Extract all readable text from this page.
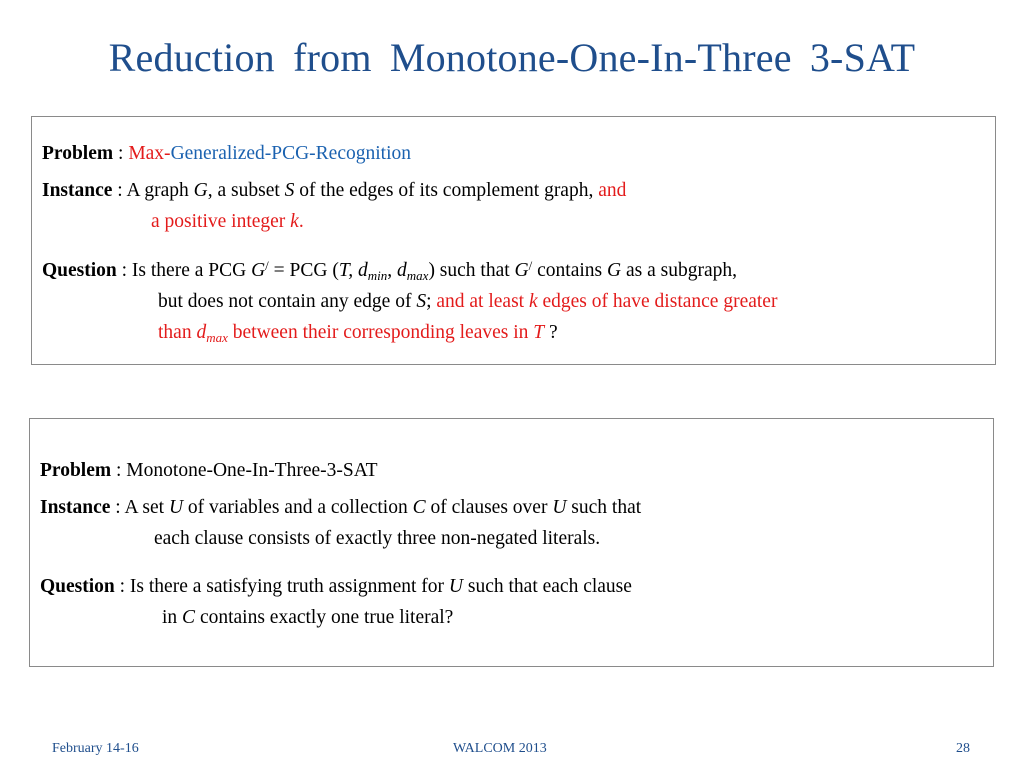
Reduction from Monotone-One-In-Three 3-SAT
Problem : Max-Generalized-PCG-Recognition
Instance : A graph G, a subset S of the edges of its complement graph, and
a positive integer k.
Question : Is there a PCG G/ = PCG (T, $d_{min}$, $d_{max}$) such that G/ contains G as a subgraph,
but does not contain any edge of S; and at least k edges of have distance greater
than $d_{max}$ between their corresponding leaves in T ?
Problem : Monotone-One-In-Three-3-SAT
Instance : A set U of variables and a collection C of clauses over U such that
each clause consists of exactly three non-negated literals.
Question : Is there a satisfying truth assignment for U such that each clause
in C contains exactly one true literal?
February 14-16	WALCOM 2013	28
